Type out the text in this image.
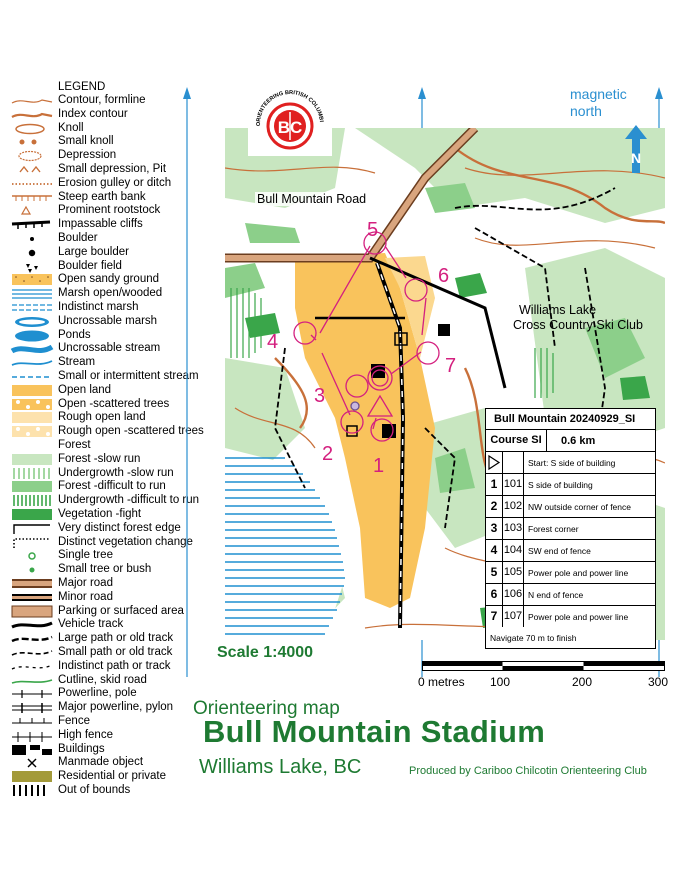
LEGEND
Contour, formline
Index contour
Knoll
Small knoll
Depression
Small depression, Pit
Erosion gulley or ditch
Steep earth bank
Prominent rootstock
Impassable cliffs
Boulder
Large boulder
Boulder field
Open sandy ground
Marsh open/wooded
Indistinct marsh
Uncrossable marsh
Ponds
Uncrossable stream
Stream
Small or intermittent stream
Open land
Open -scattered trees
Rough open land
Rough open -scattered trees
Forest
Forest -slow run
Undergrowth -slow run
Forest -difficult to run
Undergrowth -difficult to run
Vegetation -fight
Very distinct forest edge
Distinct vegetation change
Single tree
Small tree or bush
Major road
Minor road
Parking or surfaced area
Vehicle track
Large path or old track
Small path or old track
Indistinct path or track
Cutline, skid road
Powerline, pole
Major powerline, pylon
Fence
High fence
Buildings
Manmade object
Residential or private
Out of bounds
1
2
3
4
5
6
7
Bull Mountain Road
Williams Lake
Cross Country Ski Club
ORIENTEERING BRITISH COLUMBI
BC
magnetic
north
N
Bull Mountain 20240929_SI
Course SI	0.6 km
Start: S side of building
1 101 S side of building
2 102 NW outside corner of fence
3 103 Forest corner
4 104 SW end of fence
5 105 Power pole and power line
6 106 N end of fence
7 107 Power pole and power line
Navigate 70 m to finish
Scale 1:4000
0 metres 100	200	300
Orienteering map
Bull Mountain Stadium
Williams Lake, BC	Produced by Cariboo Chilcotin Orienteering Club
